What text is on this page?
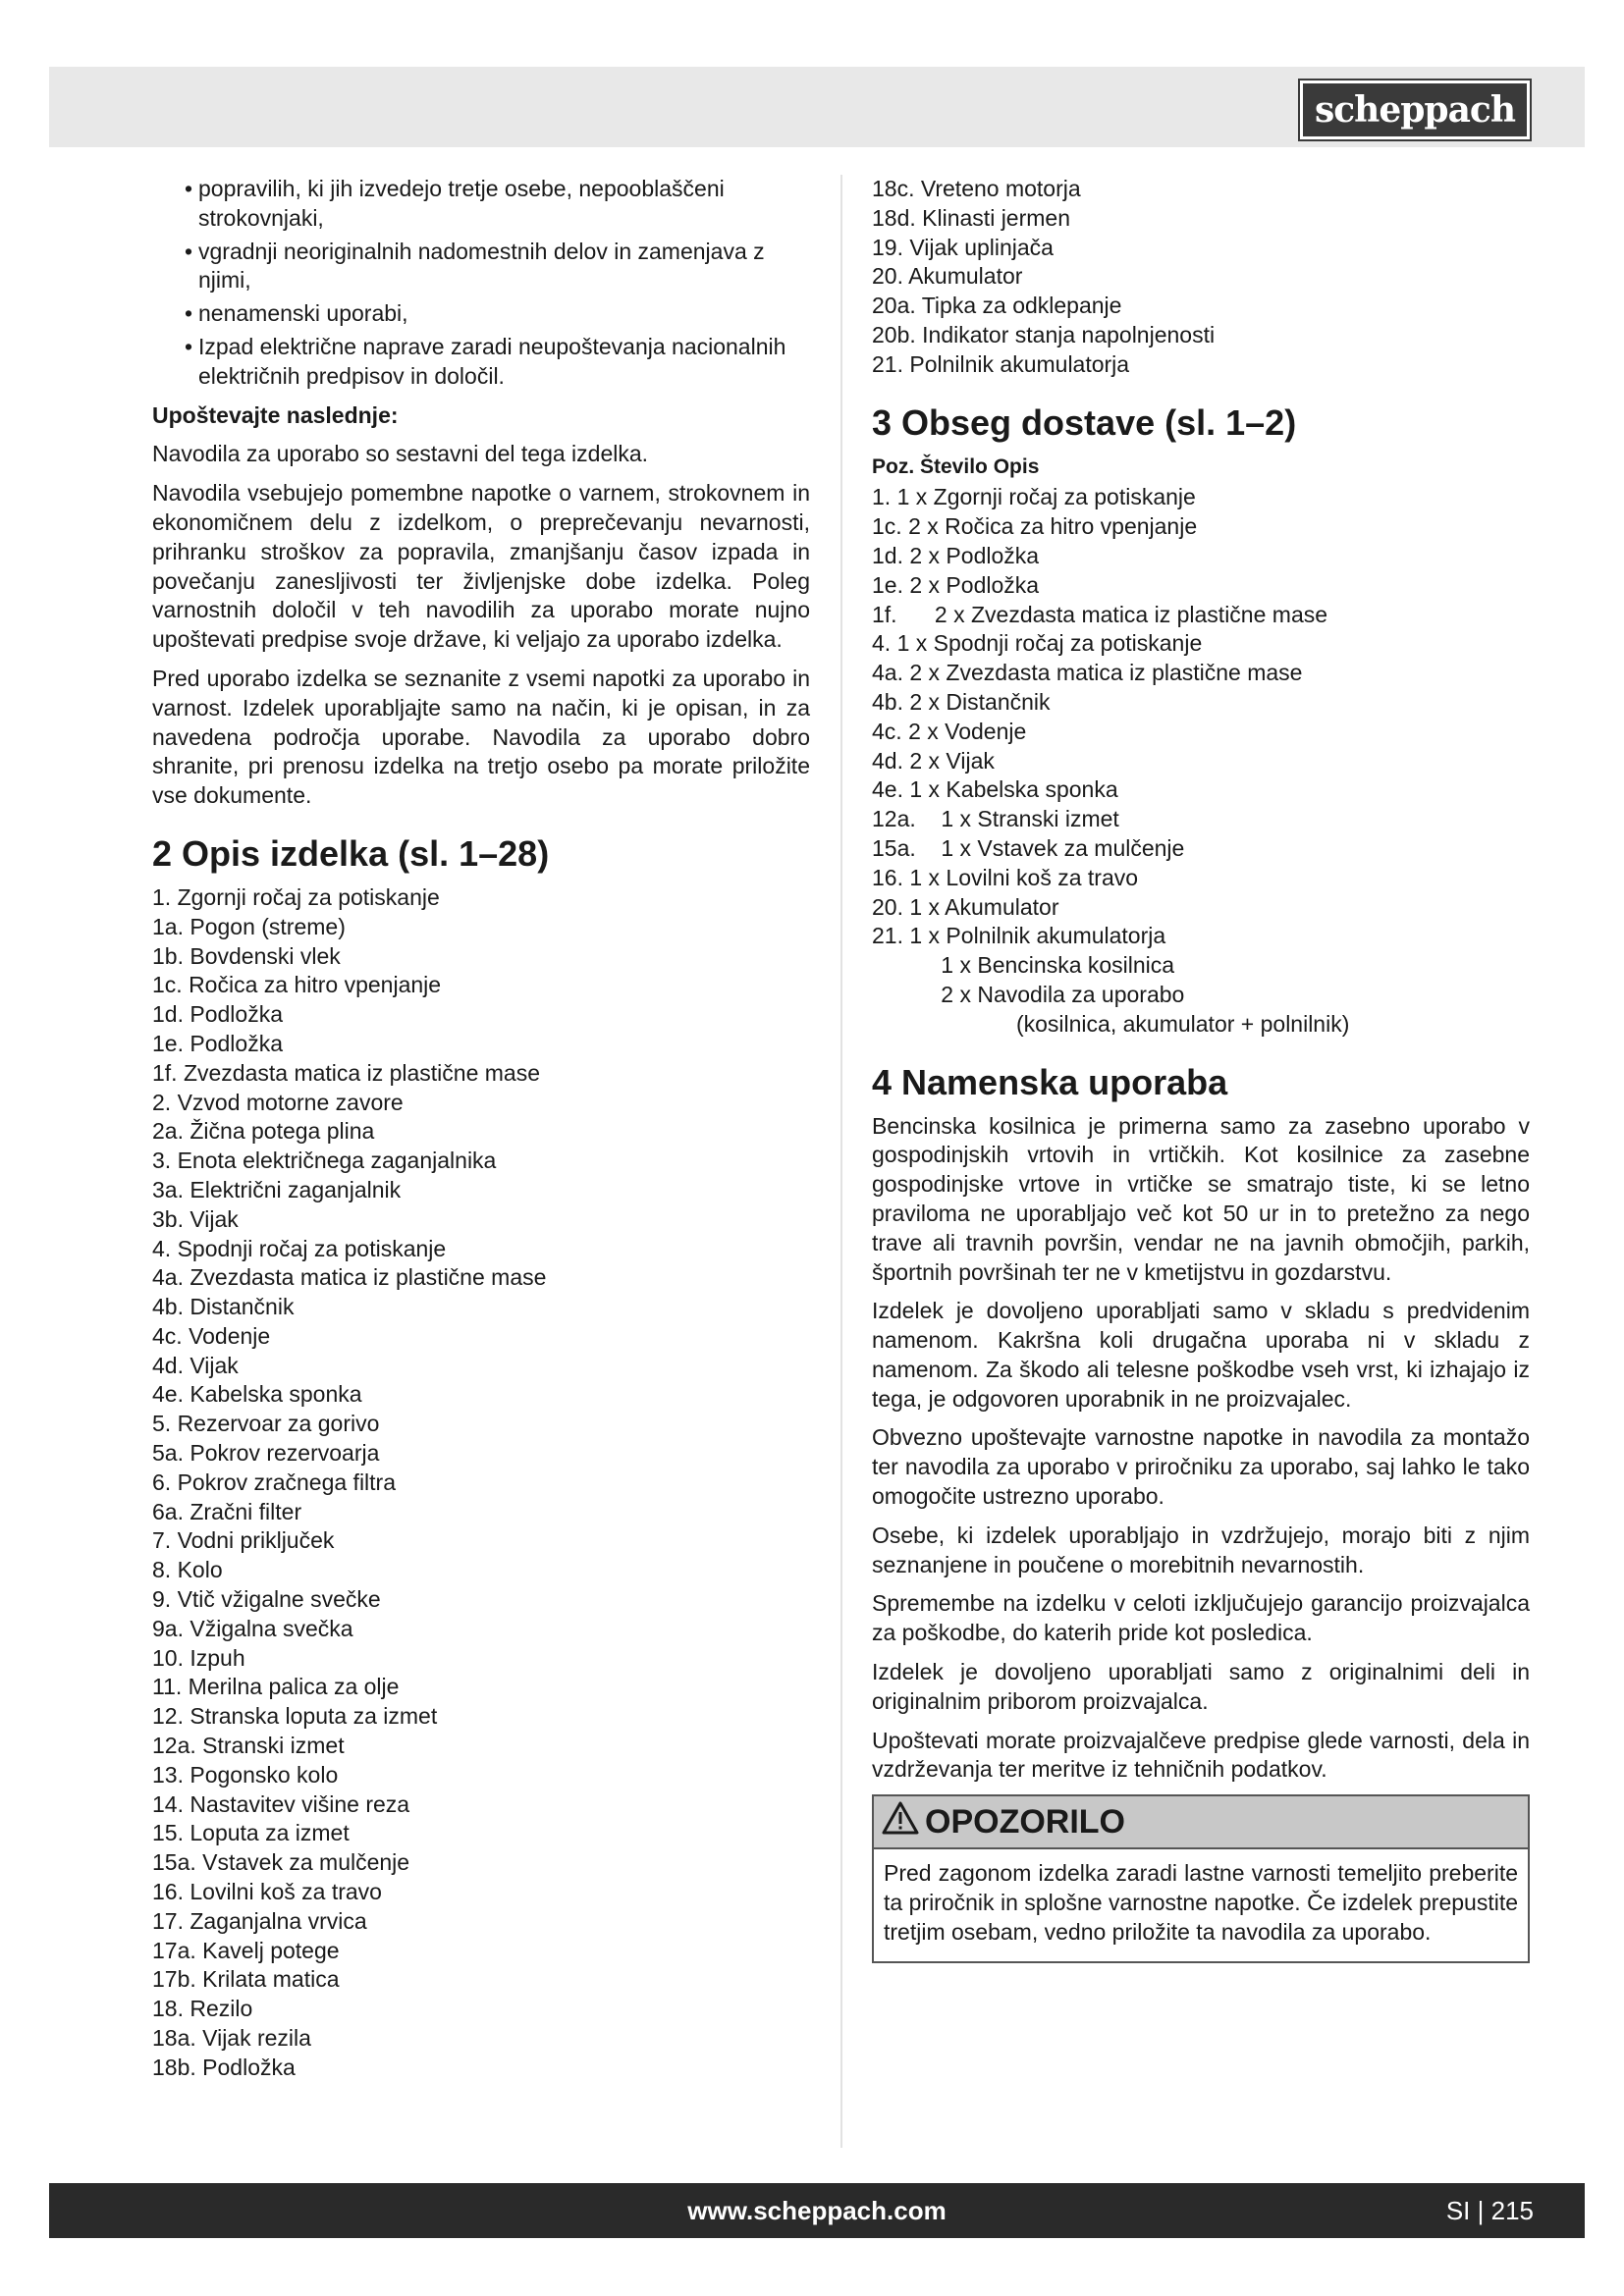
scheppach
• popravilih, ki jih izvedejo tretje osebe, nepooblaščeni strokovnjaki,
• vgradnji neoriginalnih nadomestnih delov in zamenjava z njimi,
• nenamenski uporabi,
• Izpad električne naprave zaradi neupoštevanja nacionalnih električnih predpisov in določil.
Upoštevajte naslednje:

Navodila za uporabo so sestavni del tega izdelka.

Navodila vsebujejo pomembne napotke o varnem, strokovnem in ekonomičnem delu z izdelkom, o preprečevanju nevarnosti, prihranku stroškov za popravila, zmanjšanju časov izpada in povečanju zanesljivosti ter življenjske dobe izdelka. Poleg varnostnih določil v teh navodilih za uporabo morate nujno upoštevati predpise svoje države, ki veljajo za uporabo izdelka.

Pred uporabo izdelka se seznanite z vsemi napotki za uporabo in varnost. Izdelek uporabljajte samo na način, ki je opisan, in za navedena področja uporabe. Navodila za uporabo dobro shranite, pri prenosu izdelka na tretjo osebo pa morate priložite vse dokumente.

2 Opis izdelka (sl. 1–28)
1. Zgornji ročaj za potiskanje
1a. Pogon (streme)
1b. Bovdenski vlek
1c. Ročica za hitro vpenjanje
1d. Podložka
1e. Podložka
1f. Zvezdasta matica iz plastične mase
2. Vzvod motorne zavore
2a. Žična potega plina
3. Enota električnega zaganjalnika
3a. Električni zaganjalnik
3b. Vijak
4. Spodnji ročaj za potiskanje
4a. Zvezdasta matica iz plastične mase
4b. Distančnik
4c. Vodenje
4d. Vijak
4e. Kabelska sponka
5. Rezervoar za gorivo
5a. Pokrov rezervoarja
6. Pokrov zračnega filtra
6a. Zračni filter
7. Vodni priključek
8. Kolo
9. Vtič vžigalne svečke
9a. Vžigalna svečka
10. Izpuh
11. Merilna palica za olje
12. Stranska loputa za izmet
12a. Stranski izmet
13. Pogonsko kolo
14. Nastavitev višine reza
15. Loputa za izmet
15a. Vstavek za mulčenje
16. Lovilni koš za travo
17. Zaganjalna vrvica
17a. Kavelj potege
17b. Krilata matica
18. Rezilo
18a. Vijak rezila
18b. Podložka
18c. Vreteno motorja
18d. Klinasti jermen
19. Vijak uplinjača
20. Akumulator
20a. Tipka za odklepanje
20b. Indikator stanja napolnjenosti
21. Polnilnik akumulatorja
3 Obseg dostave (sl. 1–2)
Poz. Število Opis
1. 1 x Zgornji ročaj za potiskanje
1c. 2 x Ročica za hitro vpenjanje
1d. 2 x Podložka
1e. 2 x Podložka
1f.      2 x Zvezdasta matica iz plastične mase
4. 1 x Spodnji ročaj za potiskanje
4a. 2 x Zvezdasta matica iz plastične mase
4b. 2 x Distančnik
4c. 2 x Vodenje
4d. 2 x Vijak
4e. 1 x Kabelska sponka
12a.    1 x Stranski izmet
15a.    1 x Vstavek za mulčenje
16. 1 x Lovilni koš za travo
20. 1 x Akumulator
21. 1 x Polnilnik akumulatorja
1 x Bencinska kosilnica
2 x Navodila za uporabo
(kosilnica, akumulator + polnilnik)
4 Namenska uporaba

Bencinska kosilnica je primerna samo za zasebno uporabo v gospodinjskih vrtovih in vrtičkih. Kot kosilnice za zasebne gospodinjske vrtove in vrtičke se smatrajo tiste, ki se letno praviloma ne uporabljajo več kot 50 ur in to pretežno za nego trave ali travnih površin, vendar ne na javnih območjih, parkih, športnih površinah ter ne v kmetijstvu in gozdarstvu.

Izdelek je dovoljeno uporabljati samo v skladu s predvidenim namenom. Kakršna koli drugačna uporaba ni v skladu z namenom. Za škodo ali telesne poškodbe vseh vrst, ki izhajajo iz tega, je odgovoren uporabnik in ne proizvajalec.

Obvezno upoštevajte varnostne napotke in navodila za montažo ter navodila za uporabo v priročniku za uporabo, saj lahko le tako omogočite ustrezno uporabo.

Osebe, ki izdelek uporabljajo in vzdržujejo, morajo biti z njim seznanjene in poučene o morebitnih nevarnostih.

Spremembe na izdelku v celoti izključujejo garancijo proizvajalca za poškodbe, do katerih pride kot posledica.

Izdelek je dovoljeno uporabljati samo z originalnimi deli in originalnim priborom proizvajalca.

Upoštevati morate proizvajalčeve predpise glede varnosti, dela in vzdrževanja ter meritve iz tehničnih podatkov.

OPOZORILO
Pred zagonom izdelka zaradi lastne varnosti temeljito preberite ta priročnik in splošne varnostne napotke. Če izdelek prepustite tretjim osebam, vedno priložite ta navodila za uporabo.
www.scheppach.com	SI | 215
